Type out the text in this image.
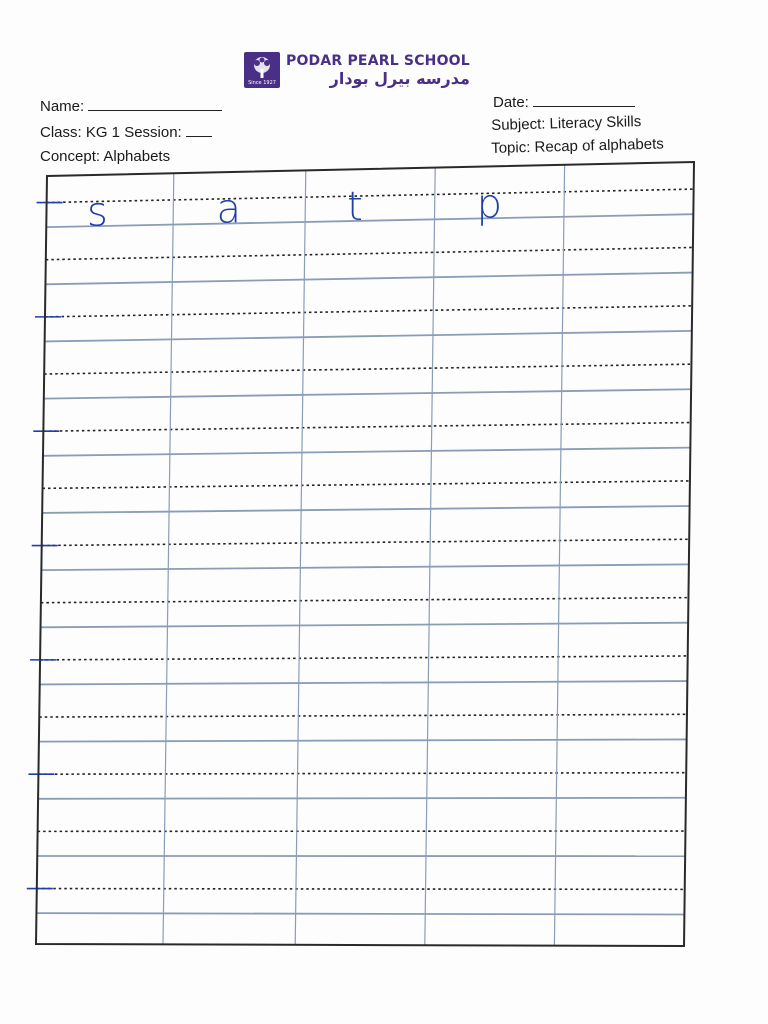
Since 1927
PODAR PEARL SCHOOL
مدرسه بيرل بودار
Name:
Class: KG 1 Session:
Concept: Alphabets
Date:
Subject: Literacy Skills
Topic: Recap of alphabets
s	a	t	p
